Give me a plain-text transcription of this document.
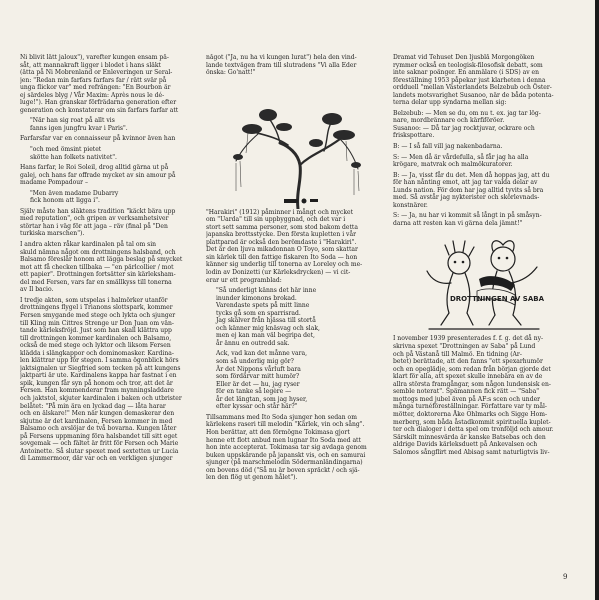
Ni blivit lätt jaloux"), varefter kungen ensam på-
såt, att mannakraft ligger i blodet i hans släkt
(ätta på Ni Mobrenland or Enleveringen ur Seral-
jen: "Redan min farfars farfars far / rätt svär på
unga flickor var" med refrängen: "En Bourbon är
ej särdeles blyg / Vår Maxim: Après nous le dé-
luge!"). Han granskar förfrädarna generation efter
generation och konstaterar om sin farfars farfar att

"När han sig roat på allt vis
fanns igen jungfru kvar i Paris".

Farfarsfar var en connaisseur på kvinnor även han

"och med ömsint pietet
skötte han folkets nativitet".

Hans farfar, le Roi Soleil, drog alltid gärna ut på
galej, och hans far offrade mycket av sin amour på
madame Pompadour –

"Men även madame Dubarry
fick honom att ligga i".

Själv måste han släktens tradition "käckt bära upp
med reputation", och gripen av verksamhetsiver
störtar han i väg för att jaga – räv (final på "Den
turkiska marschen").

I andra akten råkar kardinalen på tal om sin
skuld nämna något om drottningens halsband, och
Balsamo föreslår honom att lägga beslag på smycket
mot att få checken tillbaka — "en pärlcollier / mot
ett papier". Drottningen fortsätter sin kärleksham-
del med Fersen, vars far en smällkyss till tonerna
av Il bacio.

I tredje akten, som utspelas i halmörker utanför
drottningens flygel i Trianons slottspark, kommer
Fersen smygande med stege och lykta och sjunger
till Kling min Cittres Strenge ur Don Juan om vän-
tande kärleksfröjd. Just som han skall klättra upp
till drottningen kommer kardinalen och Balsamo,
också de med stege och lyktor och liksom Fersen
klädda i slängkappor och dominomasker. Kardina-
len klättrar upp för stegen. I samma ögonblick hörs
jaktsignalen ur Siegfried som tecken på att kungens
jaktparti är ute. Kardinalens kappa har fastnat i en
spik, kungen får syn på honom och tror, att det är
Fersen. Han kommenderar fram mynningsladdare
och jaktstol, skjuter kardinalen i baken och utbrister
belåtet: "På min ära en lyckad dag — låta harar
och en älskare!" Men när kungen demaskerar den
skjutne är det kardinalen, Fersen kommer in med
Balsamo och avslöjar de två bovarna. Kungen låter
på Fersens uppmaning föra halsbandet till sitt eget
sovgemak — och fältet är fritt för Fersen och Marie
Antoinette. Så slutar spexet med sextetten ur Lucia
di Lammermoor, där var och en verkligen sjunger

något ("Ja, nu ha vi kungen lurat") hela den vind-
lande textvägen fram till slutradens "Vi alla Eder
önska: Go'natt!"

"Harakiri" (1912) påminner i mångt och mycket
om "Uarda" till sin uppbyggnad, och det var i
stort sett samma personer, som stod bakom detta
japanska brottsstycke. Den första kupletten i vår
plattparad är också den berömdaste i "Harakiri".
Det är den ljuva mikadonnan O Toyo, som skattar
sin kärlek till den fattige fiskaren Ito Soda — hon
känner sig underlig till tonerna av Loreley och me-
lodin av Donizetti (ur Kärleksdrycken) — vi cit-
erar ur ett programblad:

"Så underligt känns det här inne
inunder kimonons brokad.
Varendaste spets på mitt linne
tycks gå som en sparrisrad.
Jag skälver från hjässa till stortå
och känner mig knäsvag och slak,
men ej kan man väl begripa det,
år ännu en outredd sak.

Ack, vad kan det månne vara,
som så underlig mig gör?
Är det Nippons vårluft bara
som fördärvar mitt humör?
Eller är det — hu, jag ryser
för en tanke så legère —
år det längtan, som jag hyser,
efter kyssar och står här?"

Tillsammans med Ito Soda sjunger hon sedan om
kärlekens raseri till melodin "Kärlek, vin och sång".
Hon berättar, att den förmögne Tokimasa gjort
henne ett flott anbud men lugnar Ito Soda med att
hon inte accepterat. Tokimasa tar sig avdaga genom
buken uppskärande på japanskt vis, och en samurai
sjunger (på marschmelodin Södermanländingarna)
om bovens död ("Så nu är boven spräckt / och sjä-
len den flög ut genom hålet").

Dramat vid Tehuset Den ljusblå Morgongöken
rymmer också en teologisk-filosofisk debatt, som
inte saknar poänger. En anmälare (i SDS) av en
föreställning 1953 påpekar just klarheten i denna
ordduell "mellan Västerlandets Belzebub och Öster-
landets motsvarighet Susanoo, när de båda potenta-
terna delar upp syndarna mellan sig:

Belzebub: — Men se du, om nu t. ex. jag tar lög-
nare, mordbrännare och kärfiföröer.
Susanoo: — Då tar jag rocktjuvar, ockrare och
friskspottare.

B: — I så fall vill jag nakenbadarna.

S: — Men då är vårdefulla, så får jag ha alla
krögare, matvrak och malmökuratorer.

B: — Ja, visst får du det. Men då hoppas jag, att du
för han nånting emot, att jag tar valda delar av
Lunds nation. För dom har jag alltid tyvits så bra
med. Så avstår jag nykterister och skörlevnads-
konstnärer.

S: — Ja, nu har vi kommit så långt in på småsyn-
darna att resten kan vi gärna dela jämnt!"

DROTTNINGEN AV SABA

I november 1939 presenterades f. f. g. det då ny-
skrivna spexet "Drottningen av Saba" på Lund
och på Västanå till Malmö. En tidning (Ar-
betet) berättade, att den fanns "ett spexarhumör
och en opeglädje, som redan från början gjorde det
klart för alla, att spexet skulle innebära en av de
allra största framgångar, som någon lundensisk en-
semble noterat". Spämannen fick rätt — "Saba"
mottogs med jubel även på AF:s scen och under
många turnéföreställningar. Författare var ty mål-
mötter, doktorerna Åke Ohlmarks och Sigge Hom-
merberg, som båda åstadkommit spirituella kuplet-
ter och dialoger i detta spel om tronföljd och amour.
Särskilt minnesvärda är kanske Batsebas och den
aldrige Davids kärleksduett på Ankevalsen och
Salomos sångflirt med Abisag samt naturligtvis liv-

9
